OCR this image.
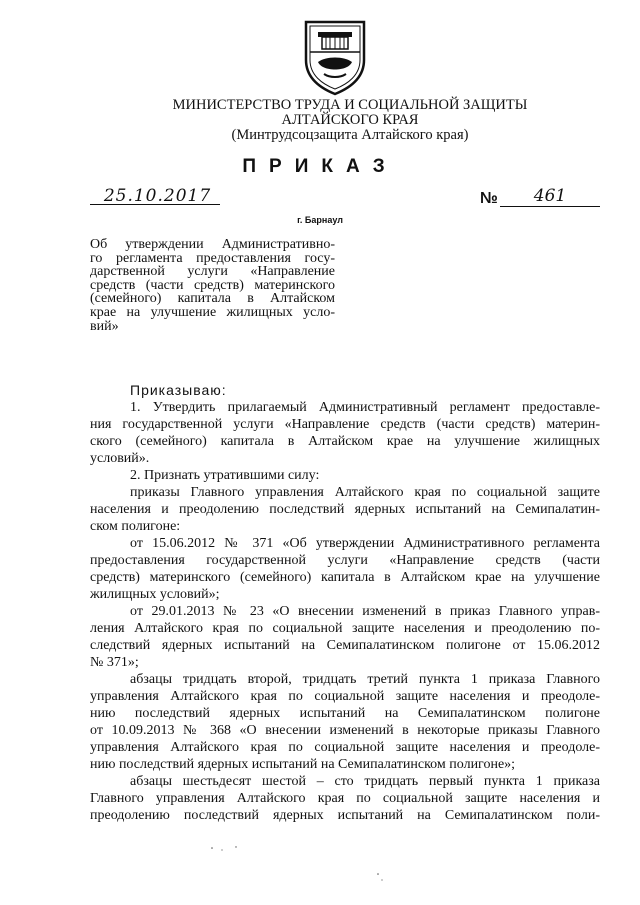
МИНИСТЕРСТВО ТРУДА И СОЦИАЛЬНОЙ ЗАЩИТЫ
АЛТАЙСКОГО КРАЯ
(Минтрудсоцзащита Алтайского края)
ПРИКАЗ
25.10.2017	№	461
г. Барнаул
Об утверждении Административно-
го регламента предоставления госу-
дарственной услуги «Направление
средств (части средств) материнского
(семейного) капитала в Алтайском
крае на улучшение жилищных усло-
вий»
Приказываю:
1. Утвердить прилагаемый Административный регламент предоставле-
ния государственной услуги «Направление средств (части средств) материн-
ского (семейного) капитала в Алтайском крае на улучшение жилищных
условий».
2. Признать утратившими силу:
приказы Главного управления Алтайского края по социальной защите
населения и преодолению последствий ядерных испытаний на Семипалатин-
ском полигоне:
от 15.06.2012 № 371 «Об утверждении Административного регламента
предоставления государственной услуги «Направление средств (части
средств) материнского (семейного) капитала в Алтайском крае на улучшение
жилищных условий»;
от 29.01.2013 № 23 «О внесении изменений в приказ Главного управ-
ления Алтайского края по социальной защите населения и преодолению по-
следствий ядерных испытаний на Семипалатинском полигоне от 15.06.2012
№ 371»;
абзацы тридцать второй, тридцать третий пункта 1 приказа Главного
управления Алтайского края по социальной защите населения и преодоле-
нию последствий ядерных испытаний на Семипалатинском полигоне
от 10.09.2013 № 368 «О внесении изменений в некоторые приказы Главного
управления Алтайского края по социальной защите населения и преодоле-
нию последствий ядерных испытаний на Семипалатинском полигоне»;
абзацы шестьдесят шестой – сто тридцать первый пункта 1 приказа
Главного управления Алтайского края по социальной защите населения и
преодолению последствий ядерных испытаний на Семипалатинском поли-
